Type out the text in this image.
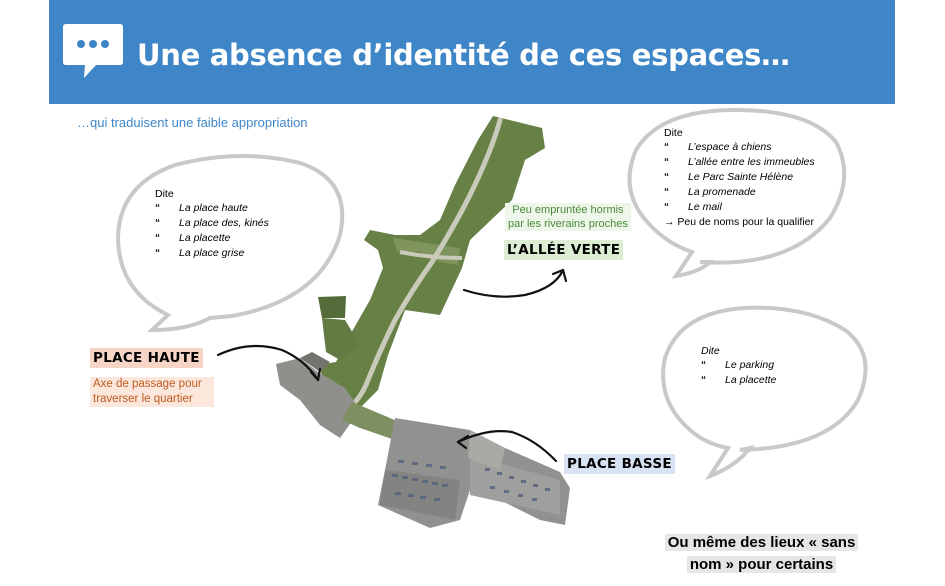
Une absence d’identité de ces espaces…
…qui traduisent une faible appropriation
Dite
“ La place haute
“ La place des, kinés
“ La placette
“ La place grise
Dite
“ L’espace à chiens
“ L’allée entre les immeubles
“ Le Parc Sainte Hélène
“ La promenade
“ Le mail
→ Peu de noms pour la qualifier
Dite
“ Le parking
“ La placette
PLACE HAUTE
Axe de passage pour traverser le quartier
Peu empruntée hormis
par les riverains proches
L’ALLÉE VERTE
PLACE BASSE
Ou même des lieux « sans
nom » pour certains
